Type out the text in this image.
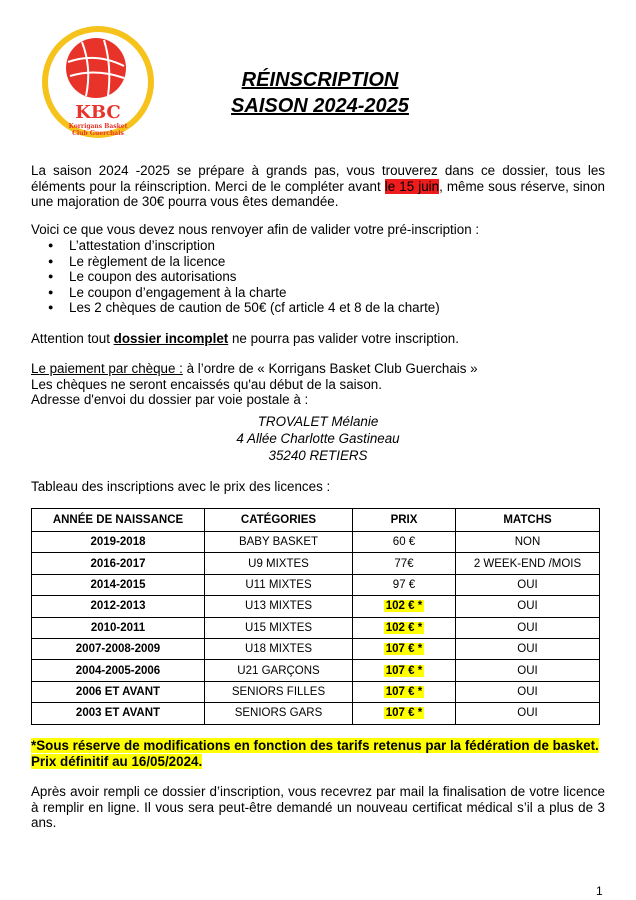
KBC
Korrigans Basket
Club Guerchais
RÉINSCRIPTION
SAISON 2024-2025
La saison 2024 -2025 se prépare à grands pas, vous trouverez dans ce dossier, tous les éléments pour la réinscription. Merci de le compléter avant le 15 juin, même sous réserve, sinon une majoration de 30€ pourra vous êtes demandée.
Voici ce que vous devez nous renvoyer afin de valider votre pré-inscription :
● L’attestation d’inscription
● Le règlement de la licence
● Le coupon des autorisations
● Le coupon d’engagement à la charte
● Les 2 chèques de caution de 50€ (cf article 4 et 8 de la charte)
Attention tout dossier incomplet ne pourra pas valider votre inscription.
Le paiement par chèque : à l’ordre de « Korrigans Basket Club Guerchais »
Les chèques ne seront encaissés qu'au début de la saison.
Adresse d'envoi du dossier par voie postale à :
TROVALET Mélanie
4 Allée Charlotte Gastineau
35240 RETIERS
Tableau des inscriptions avec le prix des licences :
ANNÉE DE NAISSANCE	CATÉGORIES	PRIX	MATCHS
2019-2018	BABY BASKET	60 €	NON
2016-2017	U9 MIXTES	77€	2 WEEK-END /MOIS
2014-2015	U11 MIXTES	97 €	OUI
2012-2013	U13 MIXTES	102 € *	OUI
2010-2011	U15 MIXTES	102 € *	OUI
2007-2008-2009	U18 MIXTES	107 € *	OUI
2004-2005-2006	U21 GARÇONS	107 € *	OUI
2006 ET AVANT	SENIORS FILLES	107 € *	OUI
2003 ET AVANT	SENIORS GARS	107 € *	OUI
*Sous réserve de modifications en fonction des tarifs retenus par la fédération de basket. Prix définitif au 16/05/2024.
Après avoir rempli ce dossier d’inscription, vous recevrez par mail la finalisation de votre licence à remplir en ligne. Il vous sera peut-être demandé un nouveau certificat médical s’il a plus de 3 ans.
1
